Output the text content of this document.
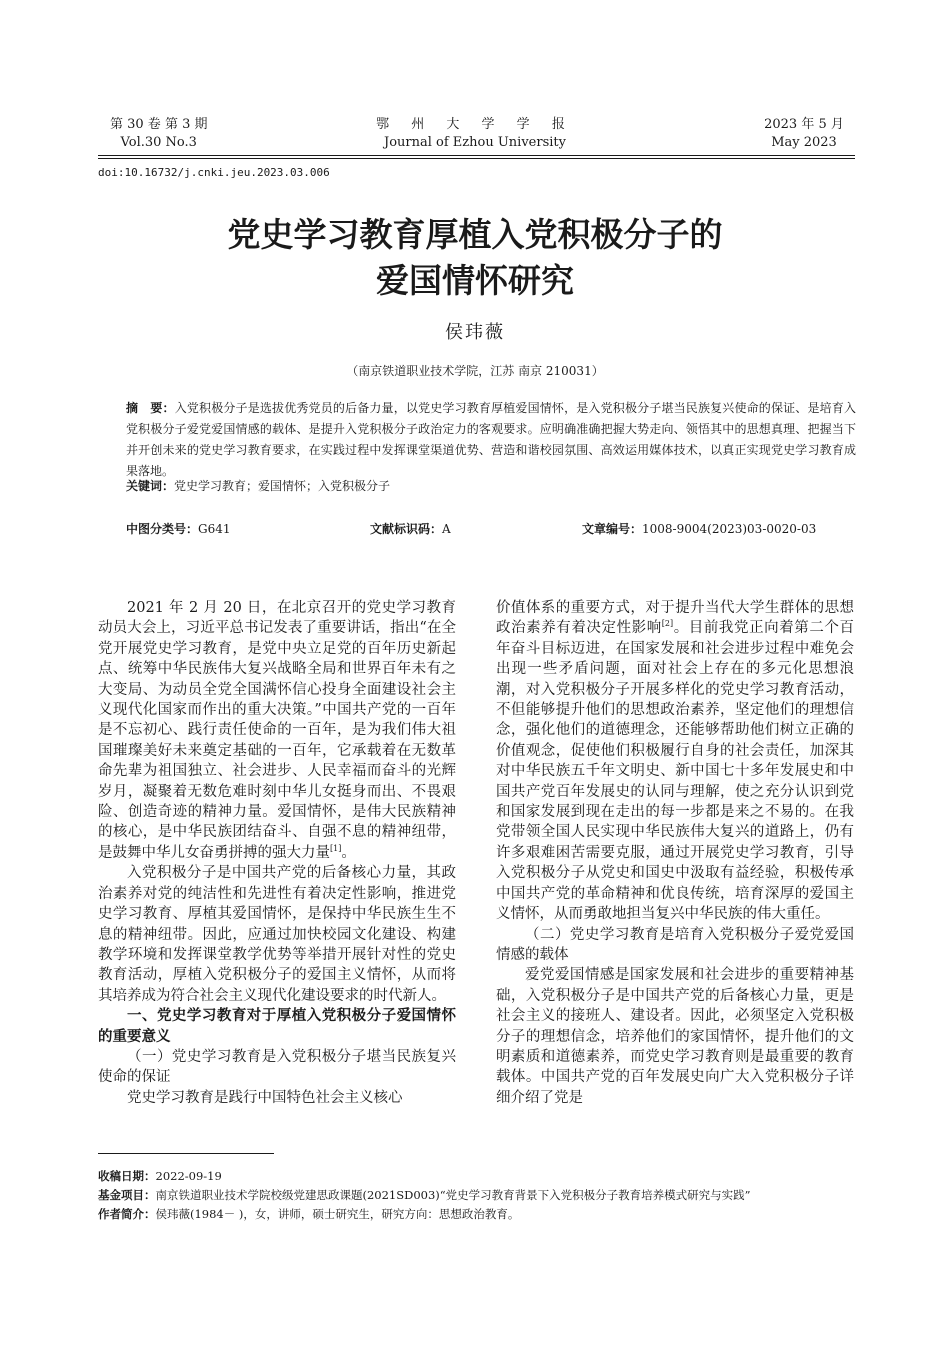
第 30 卷 第 3 期
Vol.30 No.3
鄂 州 大 学 学 报
Journal of Ezhou University
2023 年 5 月
May 2023
doi:10.16732/j.cnki.jeu.2023.03.006
党史学习教育厚植入党积极分子的
爱国情怀研究
侯玮薇
（南京铁道职业技术学院，江苏 南京 210031）
摘　要：入党积极分子是选拔优秀党员的后备力量，以党史学习教育厚植爱国情怀，是入党积极分子堪当民族复兴使命的保证、是培育入党积极分子爱党爱国情感的载体、是提升入党积极分子政治定力的客观要求。应明确准确把握大势走向、领悟其中的思想真理、把握当下并开创未来的党史学习教育要求，在实践过程中发挥课堂渠道优势、营造和谐校园氛围、高效运用媒体技术，以真正实现党史学习教育成果落地。
关键词：党史学习教育；爱国情怀；入党积极分子
中图分类号：G641	文献标识码：A	文章编号：1008-9004(2023)03-0020-03

2021 年 2 月 20 日，在北京召开的党史学习教育动员大会上，习近平总书记发表了重要讲话，指出“在全党开展党史学习教育，是党中央立足党的百年历史新起点、统筹中华民族伟大复兴战略全局和世界百年未有之大变局、为动员全党全国满怀信心投身全面建设社会主义现代化国家而作出的重大决策。”中国共产党的一百年是不忘初心、践行责任使命的一百年，是为我们伟大祖国璀璨美好未来奠定基础的一百年，它承载着在无数革命先辈为祖国独立、社会进步、人民幸福而奋斗的光辉岁月，凝聚着无数危难时刻中华儿女挺身而出、不畏艰险、创造奇迹的精神力量。爱国情怀，是伟大民族精神的核心，是中华民族团结奋斗、自强不息的精神纽带，是鼓舞中华儿女奋勇拼搏的强大力量[1]。

入党积极分子是中国共产党的后备核心力量，其政治素养对党的纯洁性和先进性有着决定性影响，推进党史学习教育、厚植其爱国情怀，是保持中华民族生生不息的精神纽带。因此，应通过加快校园文化建设、构建教学环境和发挥课堂教学优势等举措开展针对性的党史教育活动，厚植入党积极分子的爱国主义情怀，从而将其培养成为符合社会主义现代化建设要求的时代新人。

一、党史学习教育对于厚植入党积极分子爱国情怀的重要意义
（一）党史学习教育是入党积极分子堪当民族复兴使命的保证

党史学习教育是践行中国特色社会主义核心

价值体系的重要方式，对于提升当代大学生群体的思想政治素养有着决定性影响[2]。目前我党正向着第二个百年奋斗目标迈进，在国家发展和社会进步过程中难免会出现一些矛盾问题，面对社会上存在的多元化思想浪潮，对入党积极分子开展多样化的党史学习教育活动，不但能够提升他们的思想政治素养，坚定他们的理想信念，强化他们的道德理念，还能够帮助他们树立正确的价值观念，促使他们积极履行自身的社会责任，加深其对中华民族五千年文明史、新中国七十多年发展史和中国共产党百年发展史的认同与理解，使之充分认识到党和国家发展到现在走出的每一步都是来之不易的。在我党带领全国人民实现中华民族伟大复兴的道路上，仍有许多艰难困苦需要克服，通过开展党史学习教育，引导入党积极分子从党史和国史中汲取有益经验，积极传承中国共产党的革命精神和优良传统，培育深厚的爱国主义情怀，从而勇敢地担当复兴中华民族的伟大重任。

（二）党史学习教育是培育入党积极分子爱党爱国情感的载体

爱党爱国情感是国家发展和社会进步的重要精神基础，入党积极分子是中国共产党的后备核心力量，更是社会主义的接班人、建设者。因此，必须坚定入党积极分子的理想信念，培养他们的家国情怀，提升他们的文明素质和道德素养，而党史学习教育则是最重要的教育载体。中国共产党的百年发展史向广大入党积极分子详细介绍了党是

收稿日期：2022-09-19
基金项目：南京铁道职业技术学院校级党建思政课题(2021SD003)“党史学习教育背景下入党积极分子教育培养模式研究与实践”
作者简介：侯玮薇(1984－ )，女，讲师，硕士研究生，研究方向：思想政治教育。
